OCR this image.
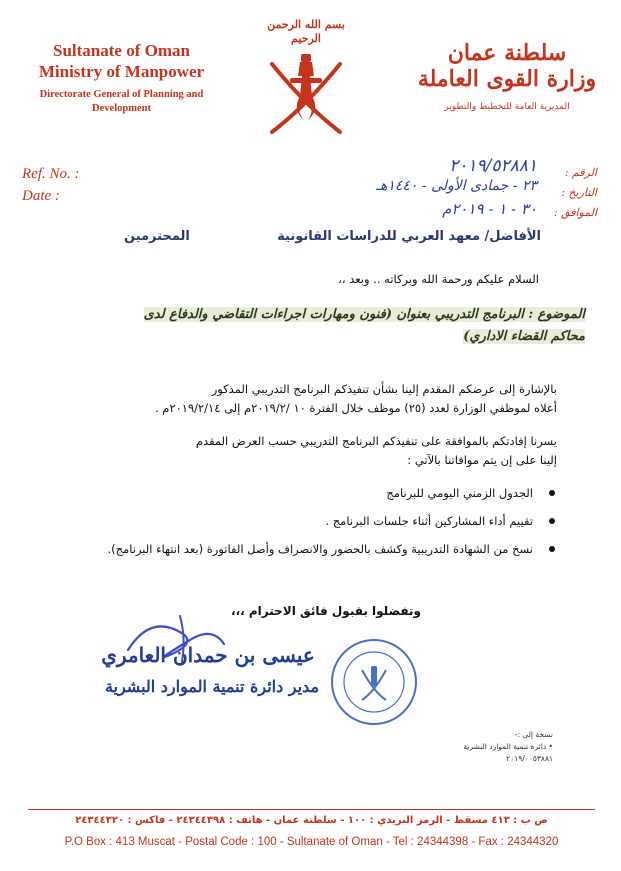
Sultanate of Oman
Ministry of Manpower
Directorate General of Planning and
Development
بسم الله الرحمن الرحيم
سلطنة عمان
وزارة القوى العاملة
المديرية العامة للتخطيط والتطوير
Ref. No. :
Date :
الرقم :
التاريخ :
الموافق :
٢٠١٩/٥٢٨٨١
٢٣ - جمادى الأولى - ١٤٤٠هـ
٣٠ - ١ - ٢٠١٩م
الأفاضل/ معهد العربي للدراسات القانونية
المحترمين
السلام عليكم ورحمة الله وبركاته .. وبعد ،،
الموضوع : البرنامج التدريبي بعنوان (فنون ومهارات اجراءات التقاضي والدفاع لدى
محاكم القضاء الاداري)
بالإشارة إلى عرضكم المقدم إلينا بشأن تنفيذكم البرنامج التدريبي المذكور
أعلاه لموظفي الوزارة لعدد (٢٥) موظف خلال الفترة ١٠ /٢٠١٩/٢م إلى ٢٠١٩/٢/١٤م .
يسرنا إفادتكم بالموافقة على تنفيذكم البرنامج التدريبي حسب العرض المقدم
إلينا على إن يتم موافاتنا بالآتي :
الجدول الزمني اليومي للبرنامج
تقييم أداء المشاركين أثناء جلسات البرنامج .
نسخ من الشهادة التدريبية وكشف بالحضور والانصراف وأصل الفاتورة (بعد انتهاء البرنامج).
وتفضلوا بقبول فائق الاحترام ،،،
عيسى بن حمدان العامري
مدير دائرة تنمية الموارد البشرية
نسخة إلى :-
• دائرة تنمية الموارد البشرية
٢٠١٩/٠٠٥٣٨٨١
ص ب : ٤١٣ مسقط - الرمز البريدي : ١٠٠ - سلطنة عمان - هاتف : ٢٤٣٤٤٣٩٨ - فاكس : ٢٤٣٤٤٣٢٠
P.O Box : 413 Muscat - Postal Code : 100 - Sultanate of Oman - Tel : 24344398 - Fax : 24344320
